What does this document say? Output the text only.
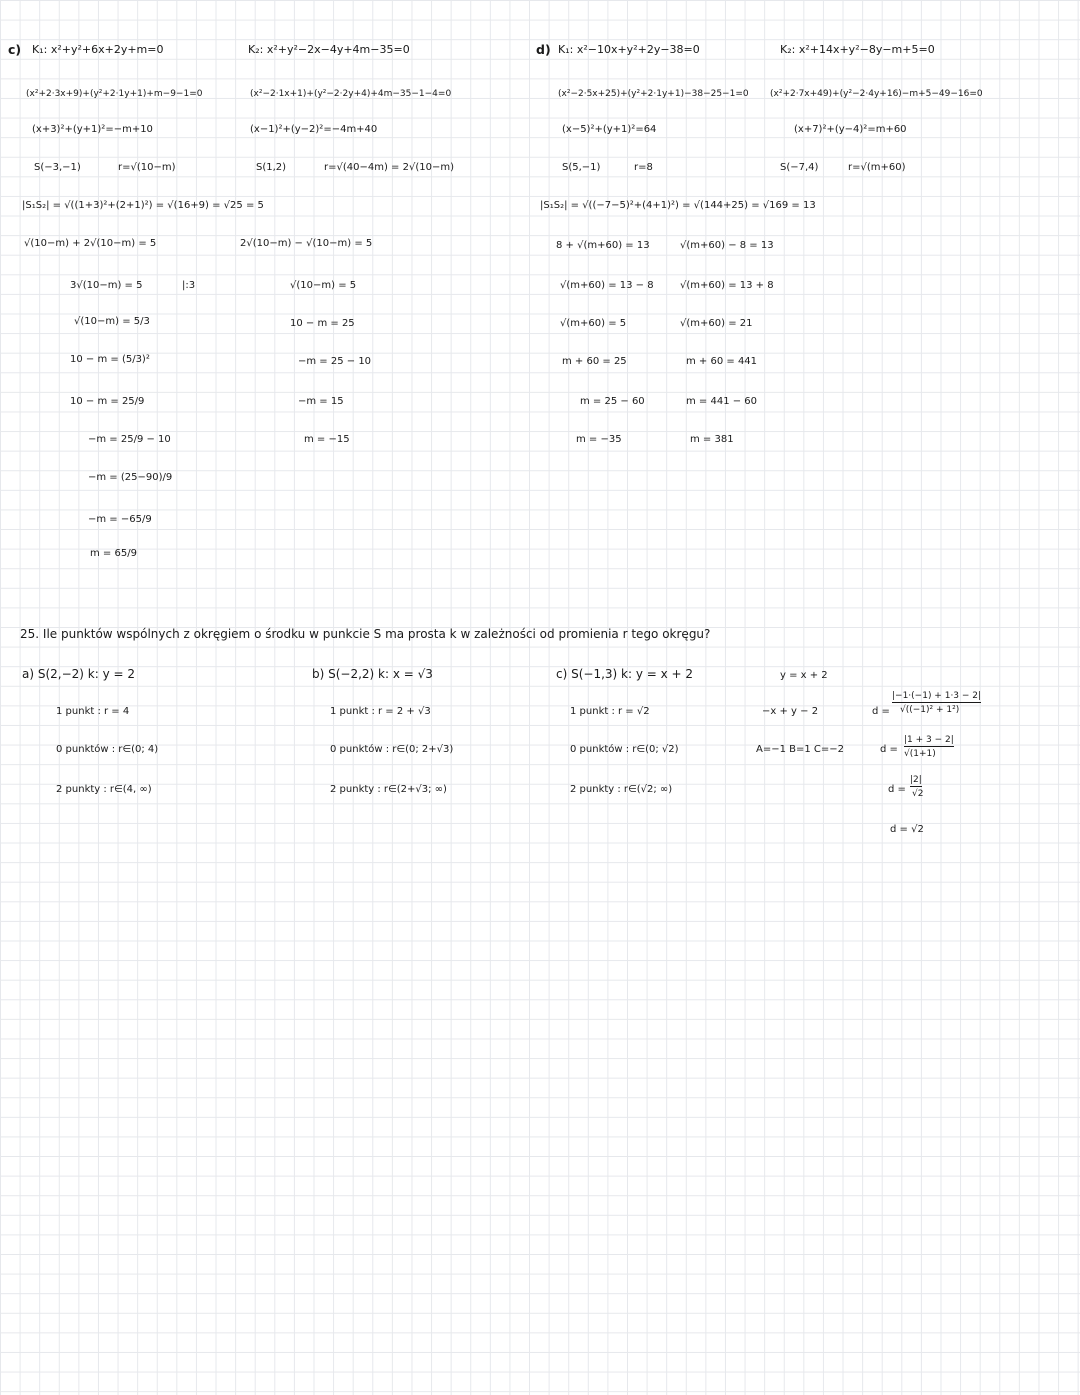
c) K₁: x²+y²+6x+2y+m=0
(x²+2·3x+9)+(y²+2·1y+1)+m−9−1=0
(x+3)²+(y+1)²=−m+10
S(−3,−1)	r=√(10−m)
K₂: x²+y²−2x−4y+4m−35=0
(x²−2·1x+1)+(y²−2·2y+4)+4m−35−1−4=0
(x−1)²+(y−2)²=−4m+40
S(1,2)	r=√(40−4m) = 2√(10−m)
|S₁S₂| = √((1+3)²+(2+1)²) = √(16+9) = √25 = 5
√(10−m) + 2√(10−m) = 5
3√(10−m) = 5	|:3
√(10−m) = 5/3
10 − m = (5/3)²
10 − m = 25/9
−m = 25/9 − 10
−m = (25−90)/9
−m = −65/9
m = 65/9
2√(10−m) − √(10−m) = 5
√(10−m) = 5
10 − m = 25
−m = 25 − 10
−m = 15
m = −15
d) K₁: x²−10x+y²+2y−38=0
(x²−2·5x+25)+(y²+2·1y+1)−38−25−1=0
(x−5)²+(y+1)²=64
S(5,−1)	r=8
K₂: x²+14x+y²−8y−m+5=0
(x²+2·7x+49)+(y²−2·4y+16)−m+5−49−16=0
(x+7)²+(y−4)²=m+60
S(−7,4)	r=√(m+60)
|S₁S₂| = √((−7−5)²+(4+1)²) = √(144+25) = √169 = 13
8 + √(m+60) = 13
√(m+60) = 13 − 8
√(m+60) = 5
m + 60 = 25
m = 25 − 60
m = −35
√(m+60) − 8 = 13
√(m+60) = 13 + 8
√(m+60) = 21
m + 60 = 441
m = 441 − 60
m = 381
25. Ile punktów wspólnych z okręgiem o środku w punkcie S ma prosta k w zależności od promienia r tego okręgu?
a) S(2,−2) k: y = 2
1 punkt : r = 4
0 punktów : r∈(0; 4)
2 punkty : r∈(4, ∞)
b) S(−2,2) k: x = √3
1 punkt : r = 2 + √3
0 punktów : r∈(0; 2+√3)
2 punkty : r∈(2+√3; ∞)
c) S(−1,3) k: y = x + 2
1 punkt : r = √2
0 punktów : r∈(0; √2)
2 punkty : r∈(√2; ∞)
y = x + 2
−x + y − 2
A=−1 B=1 C=−2
d =
|−1·(−1) + 1·3 − 2|
√((−1)² + 1²)
d =
|1 + 3 − 2|
√(1+1)
d =
|2|
√2
d = √2
